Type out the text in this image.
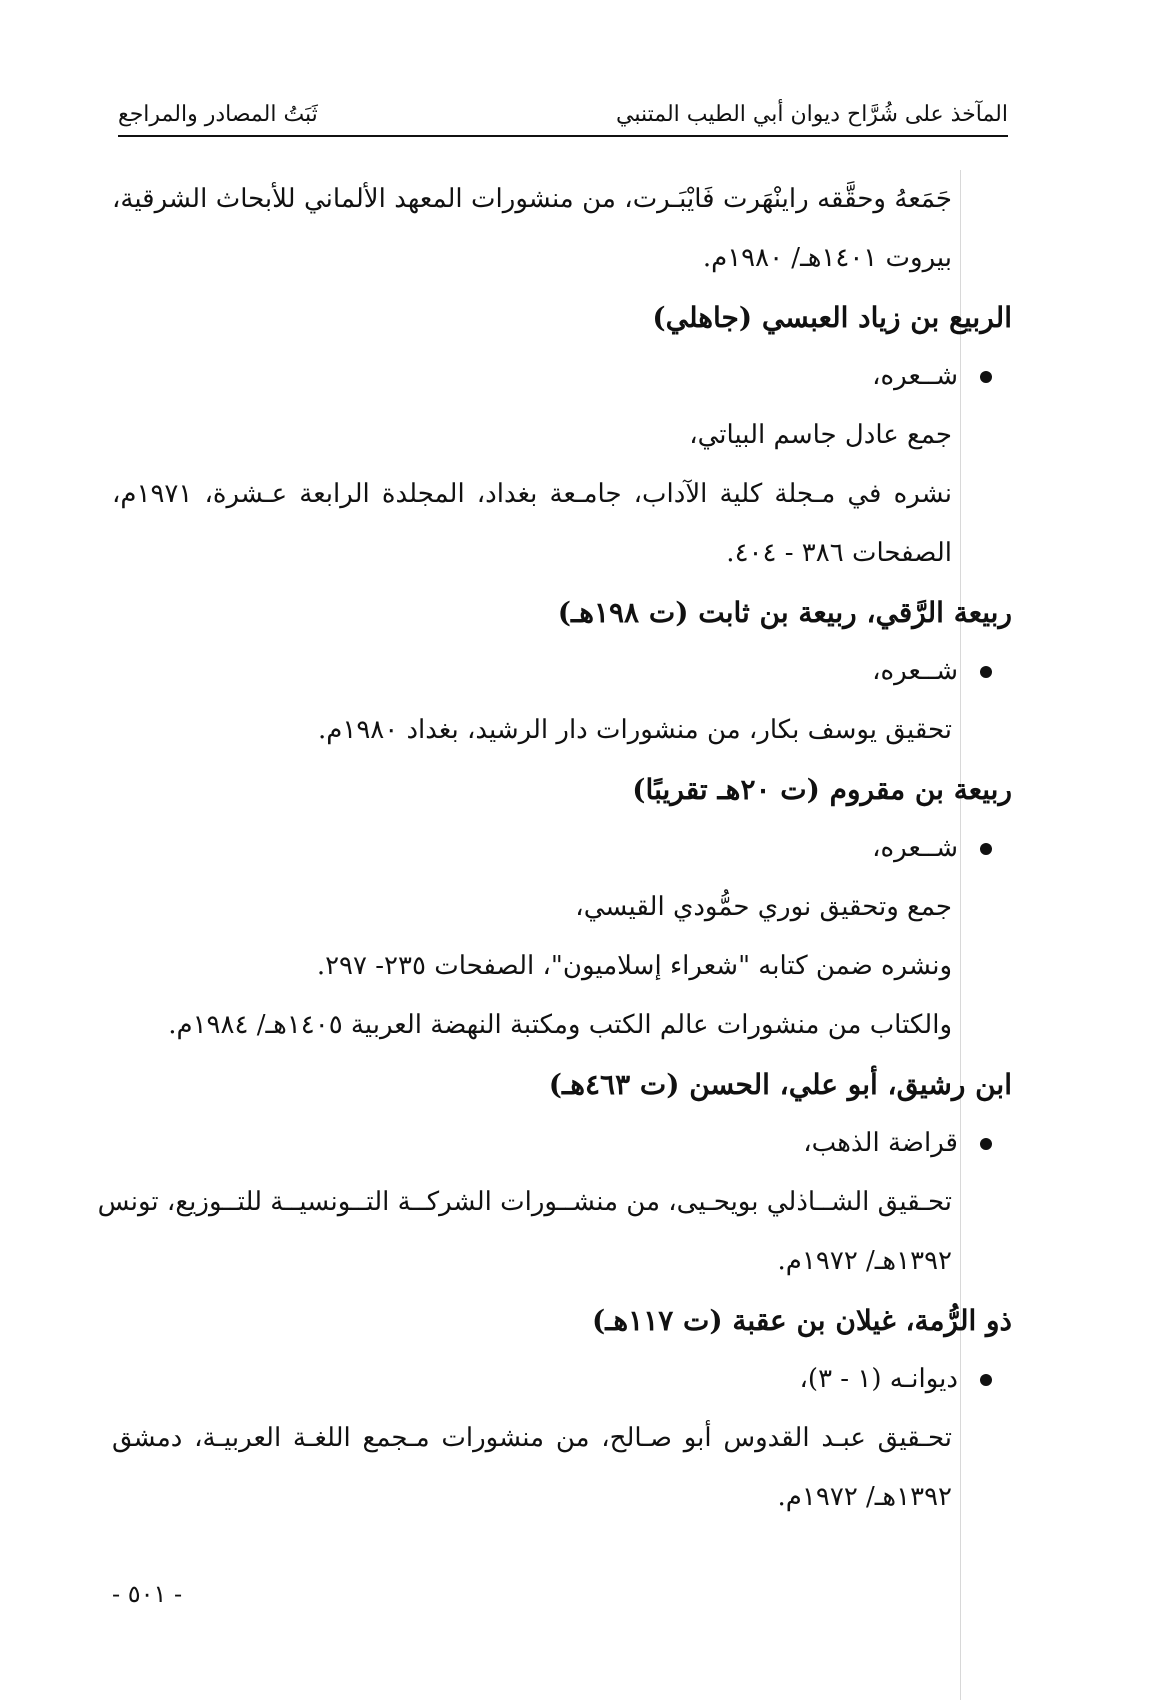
المآخذ على شُرَّاح ديوان أبي الطيب المتنبي
ثَبَتُ المصادر والمراجع
جَمَعهُ وحقَّقه راينْهَرت فَايْبَـرت، من منشورات المعهد الألماني للأبحاث الشرقية،
بيروت ١٤٠١هـ/ ١٩٨٠م.
الربيع بن زياد العبسي (جاهلي)
شــعره،
جمع عادل جاسم البياتي،
نشره في مـجلة كلية الآداب، جامـعة بغداد، المجلدة الرابعة عـشرة، ١٩٧١م،
الصفحات ٣٨٦ - ٤٠٤.
ربيعة الرَّقي، ربيعة بن ثابت (ت ١٩٨هـ)
شــعره،
تحقيق يوسف بكار، من منشورات دار الرشيد، بغداد ١٩٨٠م.
ربيعة بن مقروم (ت ٢٠هـ تقريبًا)
شــعره،
جمع وتحقيق نوري حمُّودي القيسي،
ونشره ضمن كتابه "شعراء إسلاميون"، الصفحات ٢٣٥- ٢٩٧.
والكتاب من منشورات عالم الكتب ومكتبة النهضة العربية ١٤٠٥هـ/ ١٩٨٤م.
ابن رشيق، أبو علي، الحسن (ت ٤٦٣هـ)
قراضة الذهب،
تحـقيق الشــاذلي بويحـيى، من منشــورات الشركــة التــونسيــة للتــوزيع، تونس
١٣٩٢هـ/ ١٩٧٢م.
ذو الرُّمة، غيلان بن عقبة (ت ١١٧هـ)
ديوانـه (١ - ٣)،
تحـقيق عبـد القدوس أبو صـالح، من منشورات مـجمع اللغـة العربيـة، دمشق
١٣٩٢هـ/ ١٩٧٢م.
- ٥٠١ -
